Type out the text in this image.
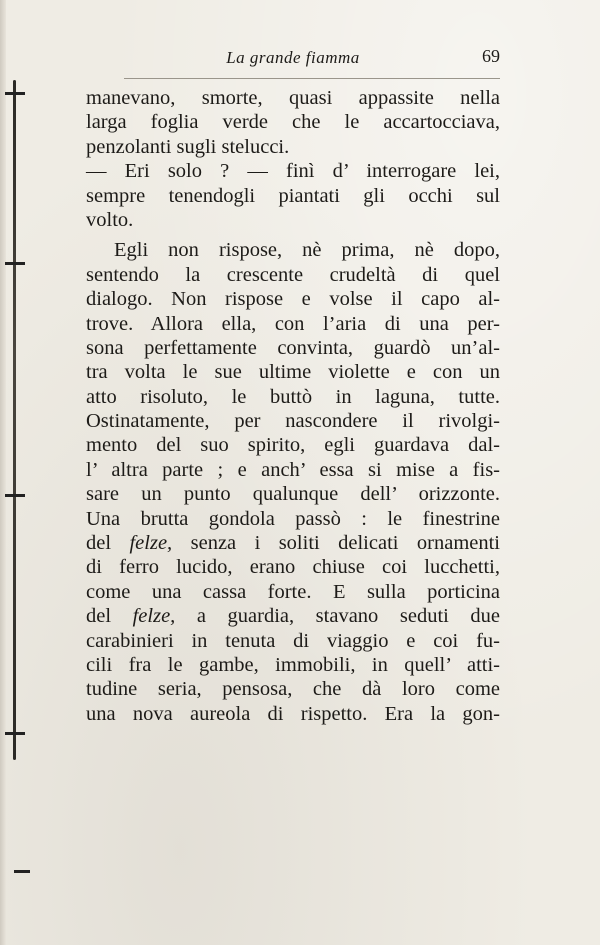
La grande fiamma	69
manevano, smorte, quasi appassite nella
larga foglia verde che le accartocciava,
penzolanti sugli stelucci.
— Eri solo ? — finì d’ interrogare lei,
sempre tenendogli piantati gli occhi sul
volto.
Egli non rispose, nè prima, nè dopo,
sentendo la crescente crudeltà di quel
dialogo. Non rispose e volse il capo al-
trove. Allora ella, con l’aria di una per-
sona perfettamente convinta, guardò un’al-
tra volta le sue ultime violette e con un
atto risoluto, le buttò in laguna, tutte.
Ostinatamente, per nascondere il rivolgi-
mento del suo spirito, egli guardava dal-
l’ altra parte ; e anch’ essa si mise a fis-
sare un punto qualunque dell’ orizzonte.
Una brutta gondola passò : le finestrine
del felze, senza i soliti delicati ornamenti
di ferro lucido, erano chiuse coi lucchetti,
come una cassa forte. E sulla porticina
del felze, a guardia, stavano seduti due
carabinieri in tenuta di viaggio e coi fu-
cili fra le gambe, immobili, in quell’ atti-
tudine seria, pensosa, che dà loro come
una nova aureola di rispetto. Era la gon-
